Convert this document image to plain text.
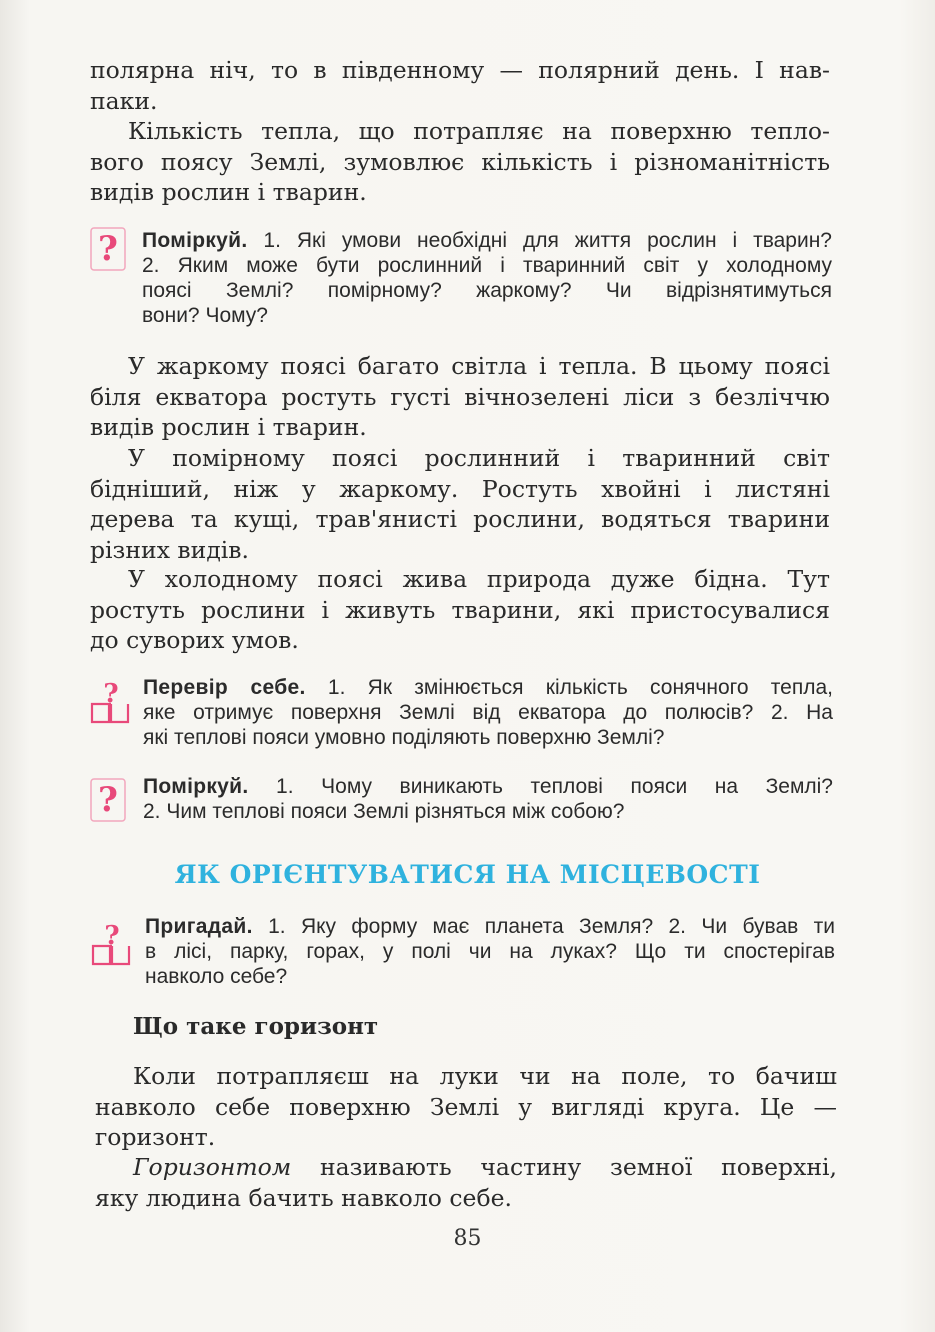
полярна ніч, то в південному — полярний день. І нав-
паки.
Кількість тепла, що потрапляє на поверхню тепло-
вого поясу Землі, зумовлює кількість і різноманітність
видів рослин і тварин.
? Поміркуй. 1. Які умови необхідні для життя рослин і тварин?
2. Яким може бути рослинний і тваринний світ у холодному
поясі Землі? помірному? жаркому? Чи відрізнятимуться
вони? Чому?
У жаркому поясі багато світла і тепла. В цьому поясі
біля екватора ростуть густі вічнозелені ліси з безліччю
видів рослин і тварин.
У помірному поясі рослинний і тваринний світ
бідніший, ніж у жаркому. Ростуть хвойні і листяні
дерева та кущі, трав'янисті рослини, водяться тварини
різних видів.
У холодному поясі жива природа дуже бідна. Тут
ростуть рослини і живуть тварини, які пристосувалися
до суворих умов.
? Перевір себе. 1. Як змінюється кількість сонячного тепла,
яке отримує поверхня Землі від екватора до полюсів? 2. На
які теплові пояси умовно поділяють поверхню Землі?
? Поміркуй. 1. Чому виникають теплові пояси на Землі?
2. Чим теплові пояси Землі різняться між собою?
ЯК ОРІЄНТУВАТИСЯ НА МІСЦЕВОСТІ
? Пригадай. 1. Яку форму має планета Земля? 2. Чи бував ти
в лісі, парку, горах, у полі чи на луках? Що ти спостерігав
навколо себе?
Що таке горизонт
Коли потрапляєш на луки чи на поле, то бачиш
навколо себе поверхню Землі у вигляді круга. Це —
горизонт.
Горизонтом називають частину земної поверхні,
яку людина бачить навколо себе.
85
